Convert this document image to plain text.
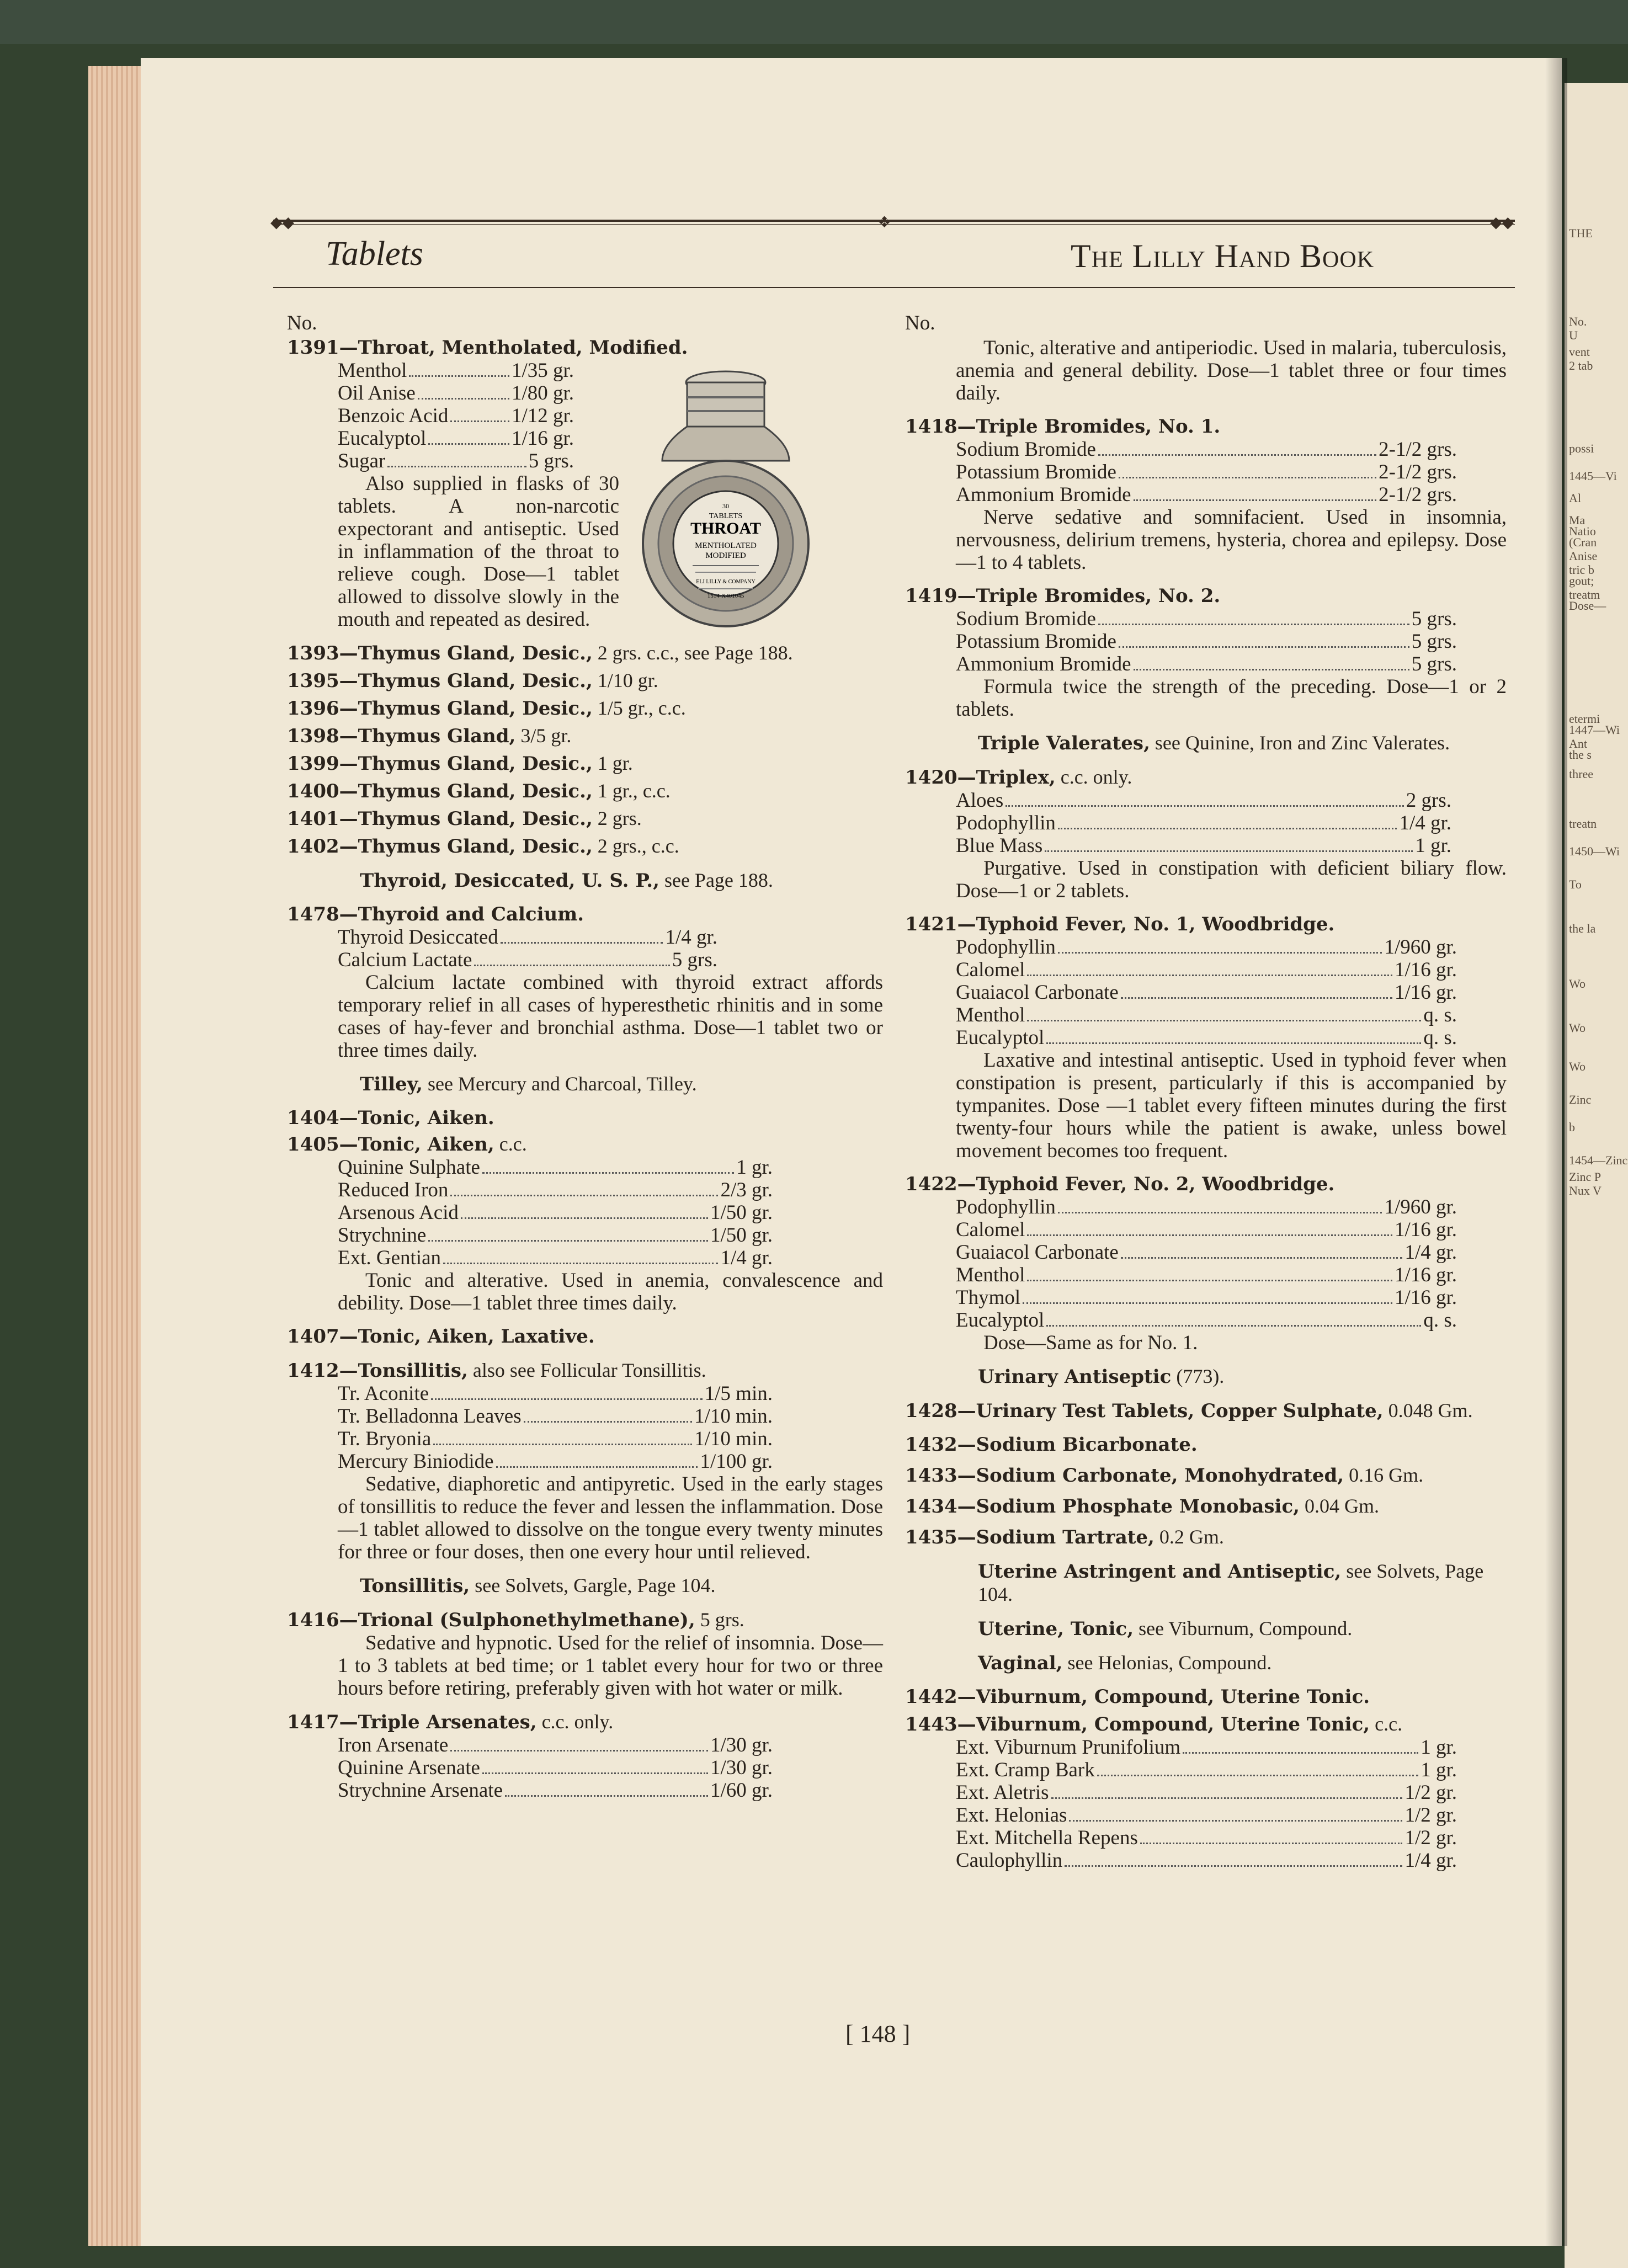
THE
No.
U
vent
2 tab
possi
1445—Vi
Al
Ma
Natio
(Cran
Anise
tric b
gout;
treatm
Dose—
etermi
1447—Wi
Ant
the s
three
treatn
1450—Wi
To
the la
Wo
Wo
Wo
Zinc
b
1454—Zinc
Zinc P
Nux V
◆◆	❖	◆◆
Tablets	The Lilly Hand Book
30
TABLETS
THROAT
MENTHOLATED
MODIFIED
ELI LILLY & COMPANY
1514-X401045
No.
1391—Throat, Mentholated, Modified.
Menthol	1/35 gr.
Oil Anise	1/80 gr.
Benzoic Acid	1/12 gr.
Eucalyptol	1/16 gr.
Sugar	5 grs.
Also supplied in flasks of 30 tablets. A non-narcotic expectorant and antiseptic. Used in inflammation of the throat to relieve cough. Dose—1 tablet allowed to dissolve slowly in the mouth and repeated as desired.
1393—Thymus Gland, Desic., 2 grs. c.c., see Page 188.
1395—Thymus Gland, Desic., 1/10 gr.
1396—Thymus Gland, Desic., 1/5 gr., c.c.
1398—Thymus Gland, 3/5 gr.
1399—Thymus Gland, Desic., 1 gr.
1400—Thymus Gland, Desic., 1 gr., c.c.
1401—Thymus Gland, Desic., 2 grs.
1402—Thymus Gland, Desic., 2 grs., c.c.
Thyroid, Desiccated, U. S. P., see Page 188.
1478—Thyroid and Calcium.
Thyroid Desiccated	1/4 gr.
Calcium Lactate	5 grs.
Calcium lactate combined with thyroid extract affords temporary relief in all cases of hyperesthetic rhinitis and in some cases of hay-fever and bronchial asthma. Dose—1 tablet two or three times daily.
Tilley, see Mercury and Charcoal, Tilley.
1404—Tonic, Aiken.
1405—Tonic, Aiken, c.c.
Quinine Sulphate	1 gr.
Reduced Iron	2/3 gr.
Arsenous Acid	1/50 gr.
Strychnine	1/50 gr.
Ext. Gentian	1/4 gr.
Tonic and alterative. Used in anemia, convalescence and debility. Dose—1 tablet three times daily.
1407—Tonic, Aiken, Laxative.
1412—Tonsillitis, also see Follicular Tonsillitis.
Tr. Aconite	1/5 min.
Tr. Belladonna Leaves	1/10 min.
Tr. Bryonia	1/10 min.
Mercury Biniodide	1/100 gr.
Sedative, diaphoretic and antipyretic. Used in the early stages of tonsillitis to reduce the fever and lessen the inflammation. Dose—1 tablet allowed to dissolve on the tongue every twenty minutes for three or four doses, then one every hour until relieved.
Tonsillitis, see Solvets, Gargle, Page 104.
1416—Trional (Sulphonethylmethane), 5 grs.
Sedative and hypnotic. Used for the relief of insomnia. Dose—1 to 3 tablets at bed time; or 1 tablet every hour for two or three hours before retiring, preferably given with hot water or milk.
1417—Triple Arsenates, c.c. only.
Iron Arsenate	1/30 gr.
Quinine Arsenate	1/30 gr.
Strychnine Arsenate	1/60 gr.
No.
Tonic, alterative and antiperiodic. Used in malaria, tuberculosis, anemia and general debility. Dose—1 tablet three or four times daily.
1418—Triple Bromides, No. 1.
Sodium Bromide	2-1/2 grs.
Potassium Bromide	2-1/2 grs.
Ammonium Bromide	2-1/2 grs.
Nerve sedative and somnifacient. Used in insomnia, nervousness, delirium tremens, hysteria, chorea and epilepsy. Dose—1 to 4 tablets.
1419—Triple Bromides, No. 2.
Sodium Bromide	5 grs.
Potassium Bromide	5 grs.
Ammonium Bromide	5 grs.
Formula twice the strength of the preceding. Dose—1 or 2 tablets.
Triple Valerates, see Quinine, Iron and Zinc Valerates.
1420—Triplex, c.c. only.
Aloes	2 grs.
Podophyllin	1/4 gr.
Blue Mass	1 gr.
Purgative. Used in constipation with deficient biliary flow. Dose—1 or 2 tablets.
1421—Typhoid Fever, No. 1, Woodbridge.
Podophyllin	1/960 gr.
Calomel	1/16 gr.
Guaiacol Carbonate	1/16 gr.
Menthol	q. s.
Eucalyptol	q. s.
Laxative and intestinal antiseptic. Used in typhoid fever when constipation is present, particularly if this is accompanied by tympanites. Dose —1 tablet every fifteen minutes during the first twenty-four hours while the patient is awake, unless bowel movement becomes too frequent.
1422—Typhoid Fever, No. 2, Woodbridge.
Podophyllin	1/960 gr.
Calomel	1/16 gr.
Guaiacol Carbonate	1/4 gr.
Menthol	1/16 gr.
Thymol	1/16 gr.
Eucalyptol	q. s.
Dose—Same as for No. 1.
Urinary Antiseptic (773).
1428—Urinary Test Tablets, Copper Sulphate, 0.048 Gm.
1432—Sodium Bicarbonate.
1433—Sodium Carbonate, Monohydrated, 0.16 Gm.
1434—Sodium Phosphate Monobasic, 0.04 Gm.
1435—Sodium Tartrate, 0.2 Gm.
Uterine Astringent and Antiseptic, see Solvets, Page 104.
Uterine, Tonic, see Viburnum, Compound.
Vaginal, see Helonias, Compound.
1442—Viburnum, Compound, Uterine Tonic.
1443—Viburnum, Compound, Uterine Tonic, c.c.
Ext. Viburnum Prunifolium	1 gr.
Ext. Cramp Bark	1 gr.
Ext. Aletris	1/2 gr.
Ext. Helonias	1/2 gr.
Ext. Mitchella Repens	1/2 gr.
Caulophyllin	1/4 gr.
[ 148 ]
